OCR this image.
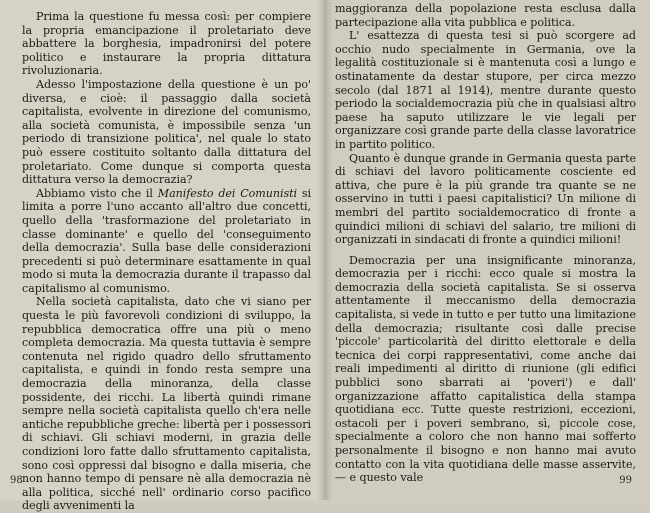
Prima la questione fu messa così: per compiere la propria emancipazione il proletariato deve abbattere la borghesia, impadronirsi del potere politico e instaurare la propria dittatura rivoluzionaria.

Adesso l'impostazione della questione è un po' diversa, e cioè: il passaggio dalla società capitalista, evolvente in direzione del comunismo, alla società comunista, è impossibile senza 'un periodo di transizione politica', nel quale lo stato può essere costituito soltanto dalla dittatura del proletariato. Come dunque si comporta questa dittatura verso la democrazia?

Abbiamo visto che il Manifesto dei Comunisti si limita a porre l'uno accanto all'altro due concetti, quello della 'trasformazione del proletariato in classe dominante' e quello del 'conseguimento della democrazia'. Sulla base delle considerazioni precedenti si può determinare esattamente in qual modo si muta la democrazia durante il trapasso dal capitalismo al comunismo.

Nella società capitalista, dato che vi siano per questa le più favorevoli condizioni di sviluppo, la repubblica democratica offre una più o meno completa democrazia. Ma questa tuttavia è sempre contenuta nel rigido quadro dello sfruttamento capitalista, e quindi in fondo resta sempre una democrazia della minoranza, della classe possidente, dei ricchi. La libertà quindi rimane sempre nella società capitalista quello ch'era nelle antiche repubbliche greche: libertà per i possessori di schiavi. Gli schiavi moderni, in grazia delle condizioni loro fatte dallo sfruttamento capitalista, sono così oppressi dal bisogno e dalla miseria, che non hanno tempo di pensare nè alla democrazia nè alla politica, sicché nell' ordinario corso pacifico degli avvenimenti la

98

maggioranza della popolazione resta esclusa dalla partecipazione alla vita pubblica e politica.

L' esattezza di questa tesi si può scorgere ad occhio nudo specialmente in Germania, ove la legalità costituzionale si è mantenuta così a lungo e ostinatamente da destar stupore, per circa mezzo secolo (dal 1871 al 1914), mentre durante questo periodo la socialdemocrazia più che in qualsiasi altro paese ha saputo utilizzare le vie legali per organizzare così grande parte della classe lavoratrice in partito politico.

Quanto è dunque grande in Germania questa parte di schiavi del lavoro politicamente cosciente ed attiva, che pure è la più grande tra quante se ne osservino in tutti i paesi capitalistici? Un milione di membri del partito socialdemocratico di fronte a quindici milioni di schiavi del salario, tre milioni di organizzati in sindacati di fronte a quindici milioni!

Democrazia per una insignificante minoranza, democrazia per i ricchi: ecco quale si mostra la democrazia della società capitalista. Se si osserva attentamente il meccanismo della democrazia capitalista, si vede in tutto e per tutto una limitazione della democrazia; risultante così dalle precise 'piccole' particolarità del diritto elettorale e della tecnica dei corpi rappresentativi, come anche dai reali impedimenti al diritto di riunione (gli edifici pubblici sono sbarrati ai 'poveri') e dall' organizzazione affatto capitalistica della stampa quotidiana ecc. Tutte queste restrizioni, eccezioni, ostacoli per i poveri sembrano, sì, piccole cose, specialmente a coloro che non hanno mai sofferto personalmente il bisogno e non hanno mai avuto contatto con la vita quotidiana delle masse asservite, — e questo vale	99
